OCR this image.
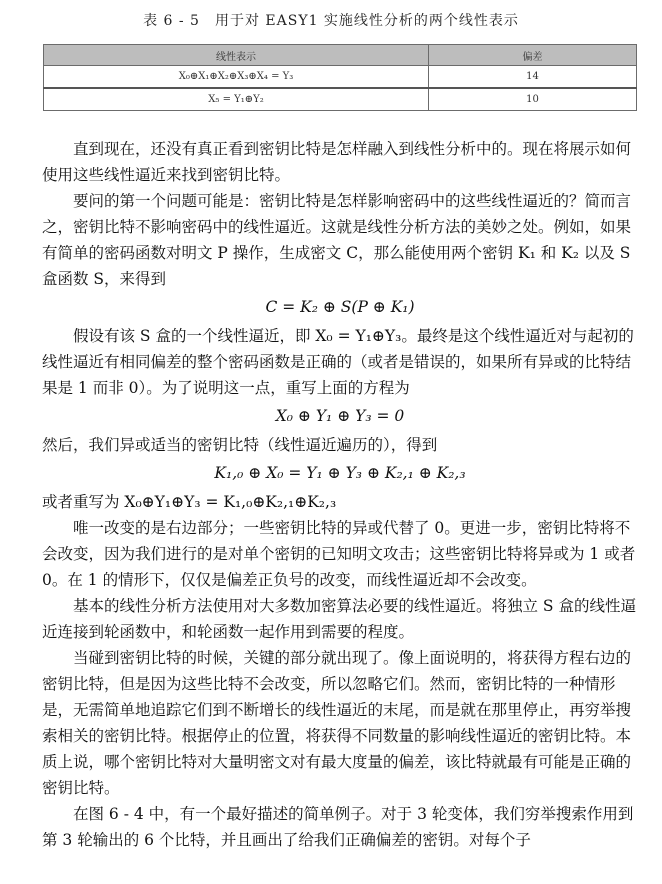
表 6 - 5　用于对 EASY1 实施线性分析的两个线性表示
线性表示	偏差
X₀⊕X₁⊕X₂⊕X₃⊕X₄ = Y₃	14
X₅ = Y₁⊕Y₂	10

直到现在，还没有真正看到密钥比特是怎样融入到线性分析中的。现在将展示如何使用这些线性逼近来找到密钥比特。

要问的第一个问题可能是：密钥比特是怎样影响密码中的这些线性逼近的？简而言之，密钥比特不影响密码中的线性逼近。这就是线性分析方法的美妙之处。例如，如果有简单的密码函数对明文 P 操作，生成密文 C，那么能使用两个密钥 K₁ 和 K₂ 以及 S 盒函数 S，来得到

C = K₂ ⊕ S(P ⊕ K₁)

假设有该 S 盒的一个线性逼近，即 X₀ = Y₁⊕Y₃。最终是这个线性逼近对与起初的线性逼近有相同偏差的整个密码函数是正确的（或者是错误的，如果所有异或的比特结果是 1 而非 0）。为了说明这一点，重写上面的方程为

X₀ ⊕ Y₁ ⊕ Y₃ = 0

然后，我们异或适当的密钥比特（线性逼近遍历的），得到

K₁,₀ ⊕ X₀ = Y₁ ⊕ Y₃ ⊕ K₂,₁ ⊕ K₂,₃

或者重写为 X₀⊕Y₁⊕Y₃ = K₁,₀⊕K₂,₁⊕K₂,₃

唯一改变的是右边部分；一些密钥比特的异或代替了 0。更进一步，密钥比特将不会改变，因为我们进行的是对单个密钥的已知明文攻击；这些密钥比特将异或为 1 或者 0。在 1 的情形下，仅仅是偏差正负号的改变，而线性逼近却不会改变。

基本的线性分析方法使用对大多数加密算法必要的线性逼近。将独立 S 盒的线性逼近连接到轮函数中，和轮函数一起作用到需要的程度。

当碰到密钥比特的时候，关键的部分就出现了。像上面说明的，将获得方程右边的密钥比特，但是因为这些比特不会改变，所以忽略它们。然而，密钥比特的一种情形是，无需简单地追踪它们到不断增长的线性逼近的末尾，而是就在那里停止，再穷举搜索相关的密钥比特。根据停止的位置，将获得不同数量的影响线性逼近的密钥比特。本质上说，哪个密钥比特对大量明密文对有最大度量的偏差，该比特就最有可能是正确的密钥比特。

在图 6 - 4 中，有一个最好描述的简单例子。对于 3 轮变体，我们穷举搜索作用到第 3 轮输出的 6 个比特，并且画出了给我们正确偏差的密钥。对每个子
